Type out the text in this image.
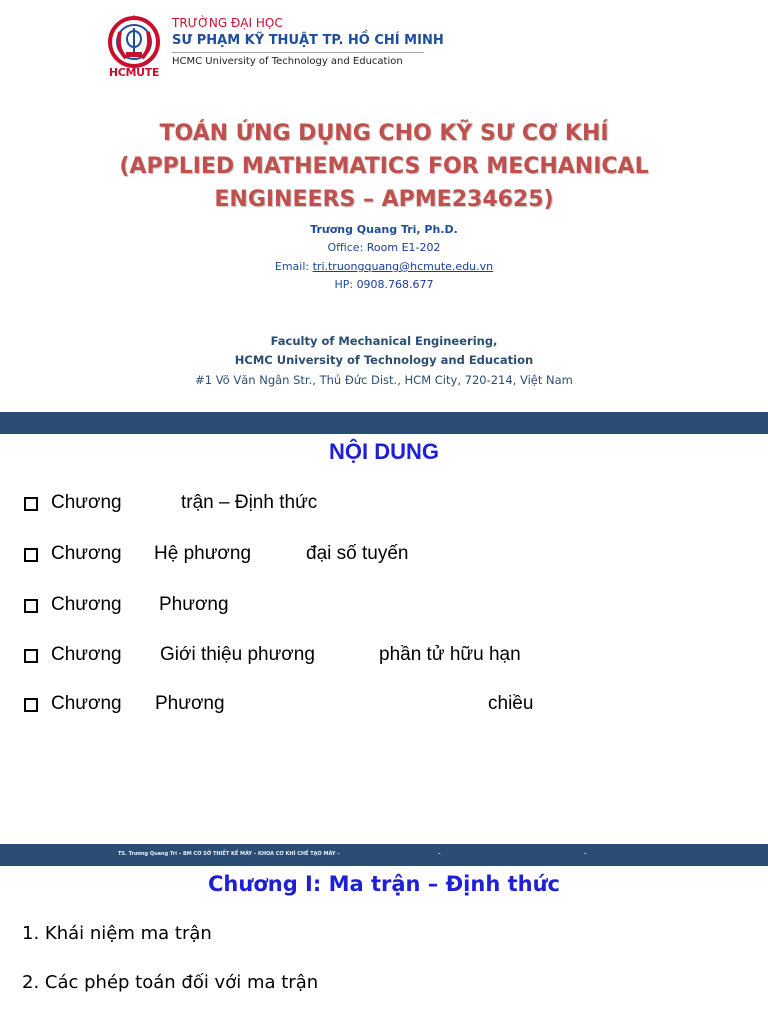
HCMUTE
TRƯỜNG ĐẠI HỌC
SƯ PHẠM KỸ THUẬT TP. HỒ CHÍ MINH
HCMC University of Technology and Education
TOÁN ỨNG DỤNG CHO KỸ SƯ CƠ KHÍ
(APPLIED MATHEMATICS FOR MECHANICAL
ENGINEERS – APME234625)
Trương Quang Tri, Ph.D.
Office: Room E1-202
Email: tri.truongquang@hcmute.edu.vn
HP: 0908.768.677
Faculty of Mechanical Engineering,
HCMC University of Technology and Education
#1 Võ Văn Ngân Str., Thủ Đức Dist., HCM City, 720-214, Việt Nam
NỘI DUNG
Chương	trận – Định thức
Chương Hệ phương	đại số tuyến
Chương Phương
Chương Giới thiệu phương	phần tử hữu hạn
Chương Phương	chiều
TS. Trương Quang Tri – BM CƠ SỞ THIẾT KẾ MÁY – KHOA CƠ KHÍ CHẾ TẠO MÁY –	–	–
Chương I: Ma trận – Định thức
1. Khái niệm ma trận
2. Các phép toán đối với ma trận
